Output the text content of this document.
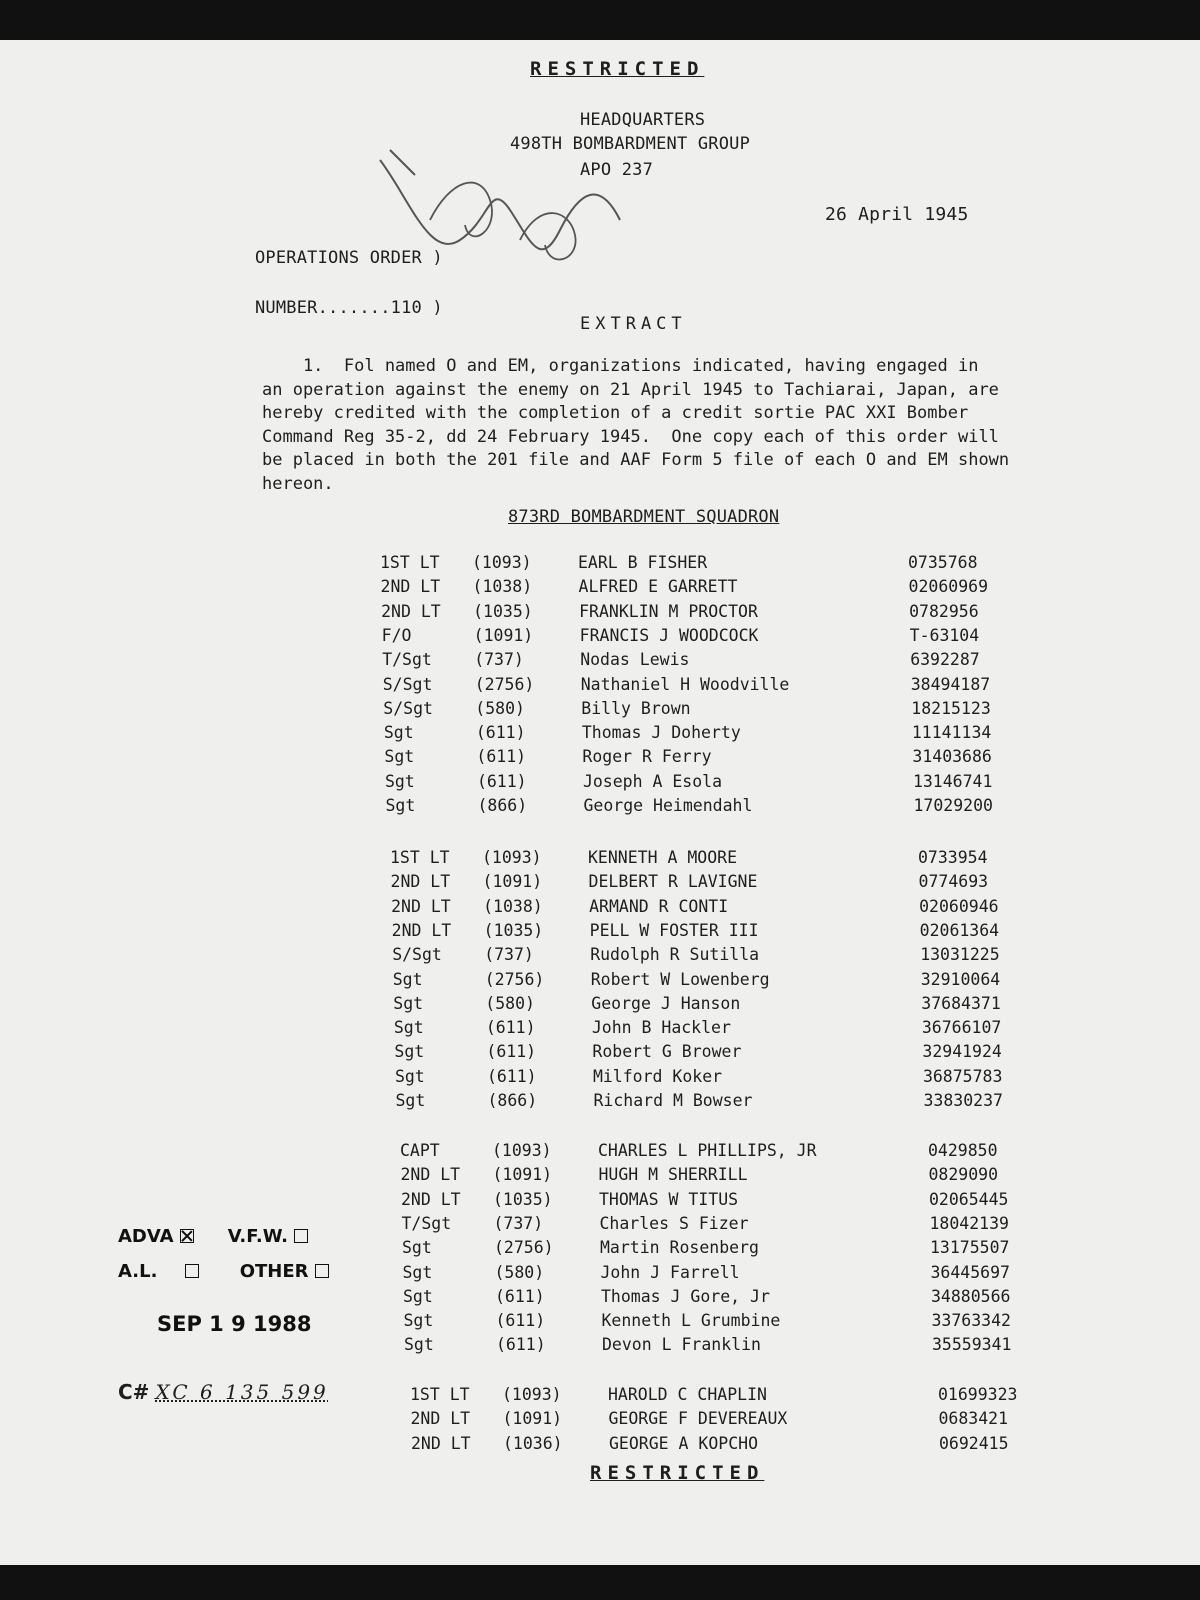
RESTRICTED
HEADQUARTERS
498TH BOMBARDMENT GROUP
APO 237
26 April 1945
OPERATIONS ORDER )
NUMBER.......110 )
EXTRACT
1.  Fol named O and EM, organizations indicated, having engaged in
an operation against the enemy on 21 April 1945 to Tachiarai, Japan, are
hereby credited with the completion of a credit sortie PAC XXI Bomber
Command Reg 35-2, dd 24 February 1945.  One copy each of this order will
be placed in both the 201 file and AAF Form 5 file of each O and EM shown
hereon.
873RD BOMBARDMENT SQUADRON
1ST LT (1093)	EARL B FISHER	0735768
2ND LT (1038)	ALFRED E GARRETT	02060969
2ND LT (1035)	FRANKLIN M PROCTOR	0782956
F/O	(1091)	FRANCIS J WOODCOCK	T-63104
T/Sgt	(737)	Nodas Lewis	6392287
S/Sgt	(2756)	Nathaniel H Woodville	38494187
S/Sgt	(580)	Billy Brown	18215123
Sgt	(611)	Thomas J Doherty	11141134
Sgt	(611)	Roger R Ferry	31403686
Sgt	(611)	Joseph A Esola	13146741
Sgt	(866)	George Heimendahl	17029200
1ST LT (1093)	KENNETH A MOORE	0733954
2ND LT (1091)	DELBERT R LAVIGNE	0774693
2ND LT (1038)	ARMAND R CONTI	02060946
2ND LT (1035)	PELL W FOSTER III	02061364
S/Sgt	(737)	Rudolph R Sutilla	13031225
Sgt	(2756)	Robert W Lowenberg	32910064
Sgt	(580)	George J Hanson	37684371
Sgt	(611)	John B Hackler	36766107
Sgt	(611)	Robert G Brower	32941924
Sgt	(611)	Milford Koker	36875783
Sgt	(866)	Richard M Bowser	33830237
CAPT	(1093)	CHARLES L PHILLIPS, JR	0429850
2ND LT (1091)	HUGH M SHERRILL	0829090
2ND LT (1035)	THOMAS W TITUS	02065445
T/Sgt	(737)	Charles S Fizer	18042139
Sgt	(2756)	Martin Rosenberg	13175507
Sgt	(580)	John J Farrell	36445697
Sgt	(611)	Thomas J Gore, Jr	34880566
Sgt	(611)	Kenneth L Grumbine	33763342
Sgt	(611)	Devon L Franklin	35559341
1ST LT (1093)	HAROLD C CHAPLIN	01699323
2ND LT (1091)	GEORGE F DEVEREAUX	0683421
2ND LT (1036)	GEORGE A KOPCHO	0692415
ADVA	V.F.W.
A.L.	OTHER
SEP 1 9 1988
C# XC 6 135 599
RESTRICTED
